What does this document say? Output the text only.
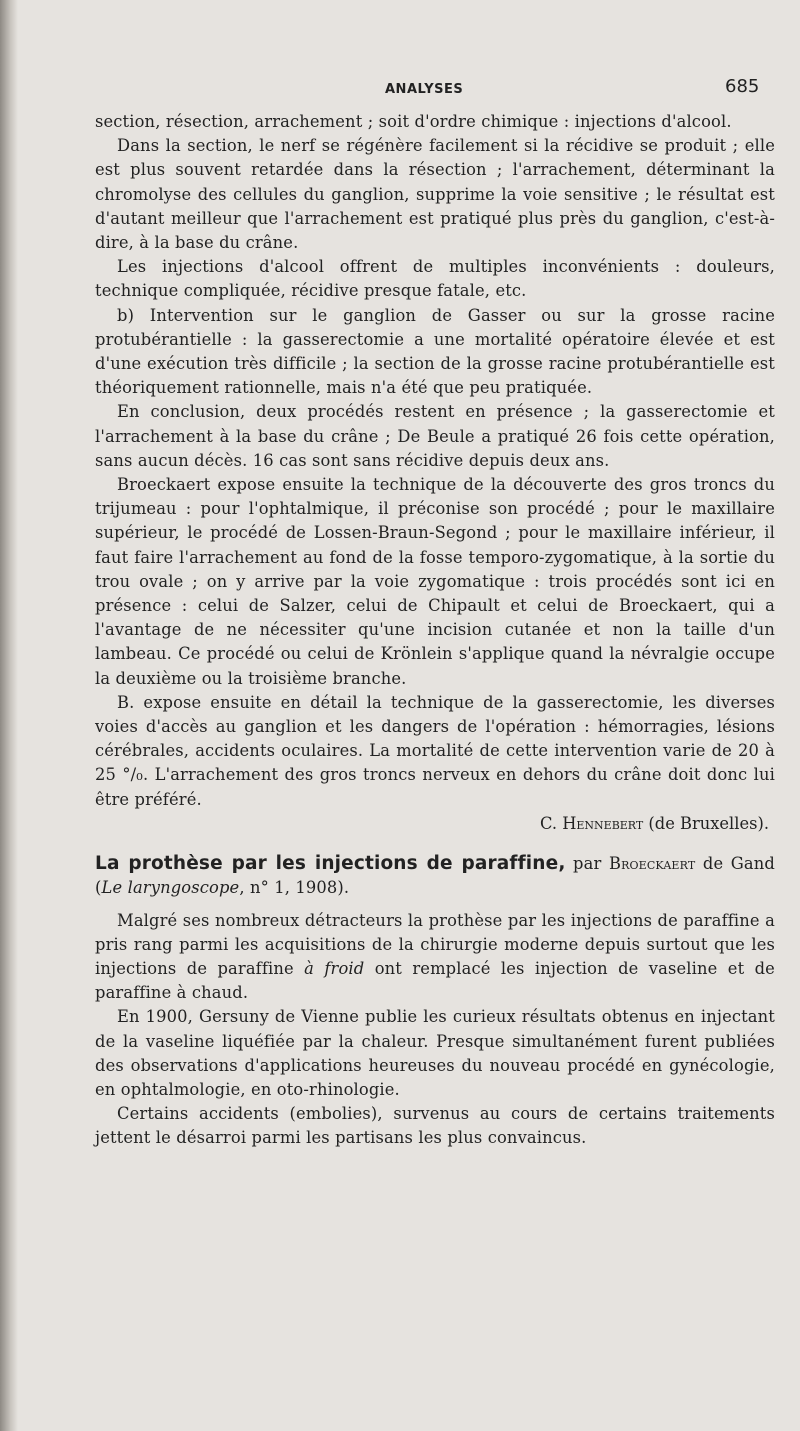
ANALYSES	685

section, résection, arrachement ; soit d'ordre chimique : injections d'alcool.

Dans la section, le nerf se régénère facilement si la récidive se produit ; elle est plus souvent retardée dans la résection ; l'arrachement, déterminant la chromolyse des cellules du ganglion, supprime la voie sensitive ; le résultat est d'autant meilleur que l'arrachement est pratiqué plus près du ganglion, c'est-à-dire, à la base du crâne.

Les injections d'alcool offrent de multiples inconvénients : douleurs, technique compliquée, récidive presque fatale, etc.

b) Intervention sur le ganglion de Gasser ou sur la grosse racine protubérantielle : la gasserectomie a une mortalité opératoire élevée et est d'une exécution très difficile ; la section de la grosse racine protubérantielle est théoriquement rationnelle, mais n'a été que peu pratiquée.

En conclusion, deux procédés restent en présence ; la gasserectomie et l'arrachement à la base du crâne ; De Beule a pratiqué 26 fois cette opération, sans aucun décès. 16 cas sont sans récidive depuis deux ans.

Broeckaert expose ensuite la technique de la découverte des gros troncs du trijumeau : pour l'ophtalmique, il préconise son procédé ; pour le maxillaire supérieur, le procédé de Lossen-Braun-Segond ; pour le maxillaire inférieur, il faut faire l'arrachement au fond de la fosse temporo-zygomatique, à la sortie du trou ovale ; on y arrive par la voie zygomatique : trois procédés sont ici en présence : celui de Salzer, celui de Chipault et celui de Broeckaert, qui a l'avantage de ne nécessiter qu'une incision cutanée et non la taille d'un lambeau. Ce procédé ou celui de Krönlein s'applique quand la névralgie occupe la deuxième ou la troisième branche.

B. expose ensuite en détail la technique de la gasserectomie, les diverses voies d'accès au ganglion et les dangers de l'opération : hémorragies, lésions cérébrales, accidents oculaires. La mortalité de cette intervention varie de 20 à 25 °/₀. L'arrachement des gros troncs nerveux en dehors du crâne doit donc lui être préféré.

C. Hennebert (de Bruxelles).

La prothèse par les injections de paraffine, par Broeckaert de Gand (Le laryngoscope, n° 1, 1908).

Malgré ses nombreux détracteurs la prothèse par les injections de paraffine a pris rang parmi les acquisitions de la chirurgie moderne depuis surtout que les injections de paraffine à froid ont remplacé les injection de vaseline et de paraffine à chaud.

En 1900, Gersuny de Vienne publie les curieux résultats obtenus en injectant de la vaseline liquéfiée par la chaleur. Presque simultanément furent publiées des observations d'applications heureuses du nouveau procédé en gynécologie, en ophtalmologie, en oto-rhinologie.

Certains accidents (embolies), survenus au cours de certains traitements jettent le désarroi parmi les partisans les plus convaincus.
